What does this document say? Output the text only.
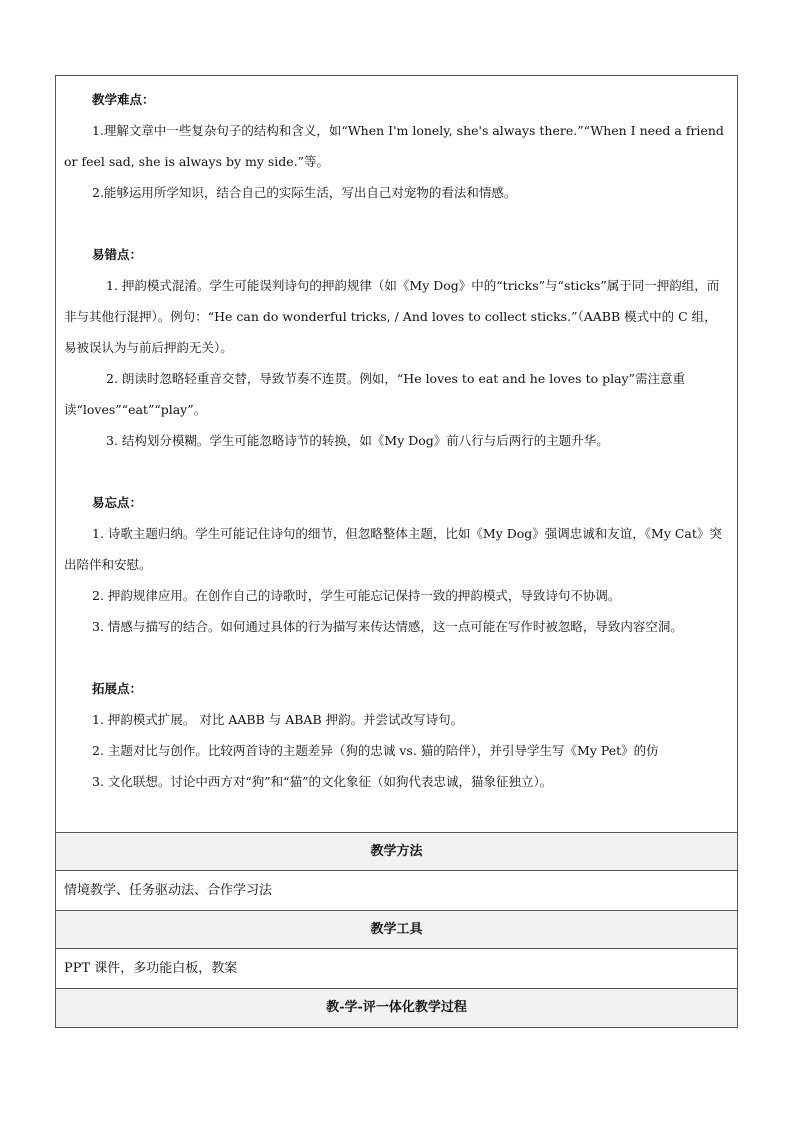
教学难点：
1.理解文章中一些复杂句子的结构和含义，如“When I'm lonely, she's always there.”“When I need a friend or feel sad, she is always by my side.”等。
2.能够运用所学知识，结合自己的实际生活，写出自己对宠物的看法和情感。
易错点：
1. 押韵模式混淆。学生可能误判诗句的押韵规律（如《My Dog》中的“tricks”与“sticks”属于同一押韵组，而非与其他行混押）。例句：“He can do wonderful tricks, / And loves to collect sticks.”（AABB 模式中的 C 组，易被误认为与前后押韵无关）。
2. 朗读时忽略轻重音交替，导致节奏不连贯。例如，“He loves to eat and he loves to play”需注意重读“loves”“eat”“play”。
3. 结构划分模糊。学生可能忽略诗节的转换，如《My Dog》前八行与后两行的主题升华。
易忘点：
1. 诗歌主题归纳。学生可能记住诗句的细节，但忽略整体主题，比如《My Dog》强调忠诚和友谊，《My Cat》突出陪伴和安慰。
2. 押韵规律应用。在创作自己的诗歌时，学生可能忘记保持一致的押韵模式，导致诗句不协调。
3. 情感与描写的结合。如何通过具体的行为描写来传达情感，这一点可能在写作时被忽略，导致内容空洞。
拓展点：
1. 押韵模式扩展。 对比 AABB 与 ABAB 押韵。并尝试改写诗句。
2. 主题对比与创作。比较两首诗的主题差异（狗的忠诚 vs. 猫的陪伴），并引导学生写《My Pet》的仿
3. 文化联想。讨论中西方对“狗”和“猫”的文化象征（如狗代表忠诚，猫象征独立）。
教学方法
情境教学、任务驱动法、合作学习法
教学工具
PPT 课件，多功能白板，教案
教-学-评一体化教学过程
